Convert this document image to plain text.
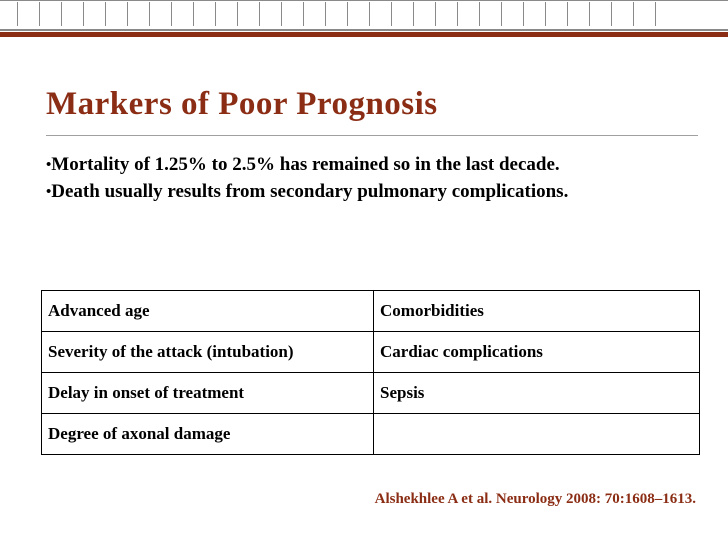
Markers of Poor Prognosis
•Mortality of 1.25% to 2.5% has remained so in the last decade.
•Death usually results from secondary pulmonary complications.
Advanced age	Comorbidities
Severity of the attack (intubation)	Cardiac complications
Delay in onset of treatment	Sepsis
Degree of axonal damage	
Alshekhlee A et al. Neurology 2008: 70:1608–1613.
